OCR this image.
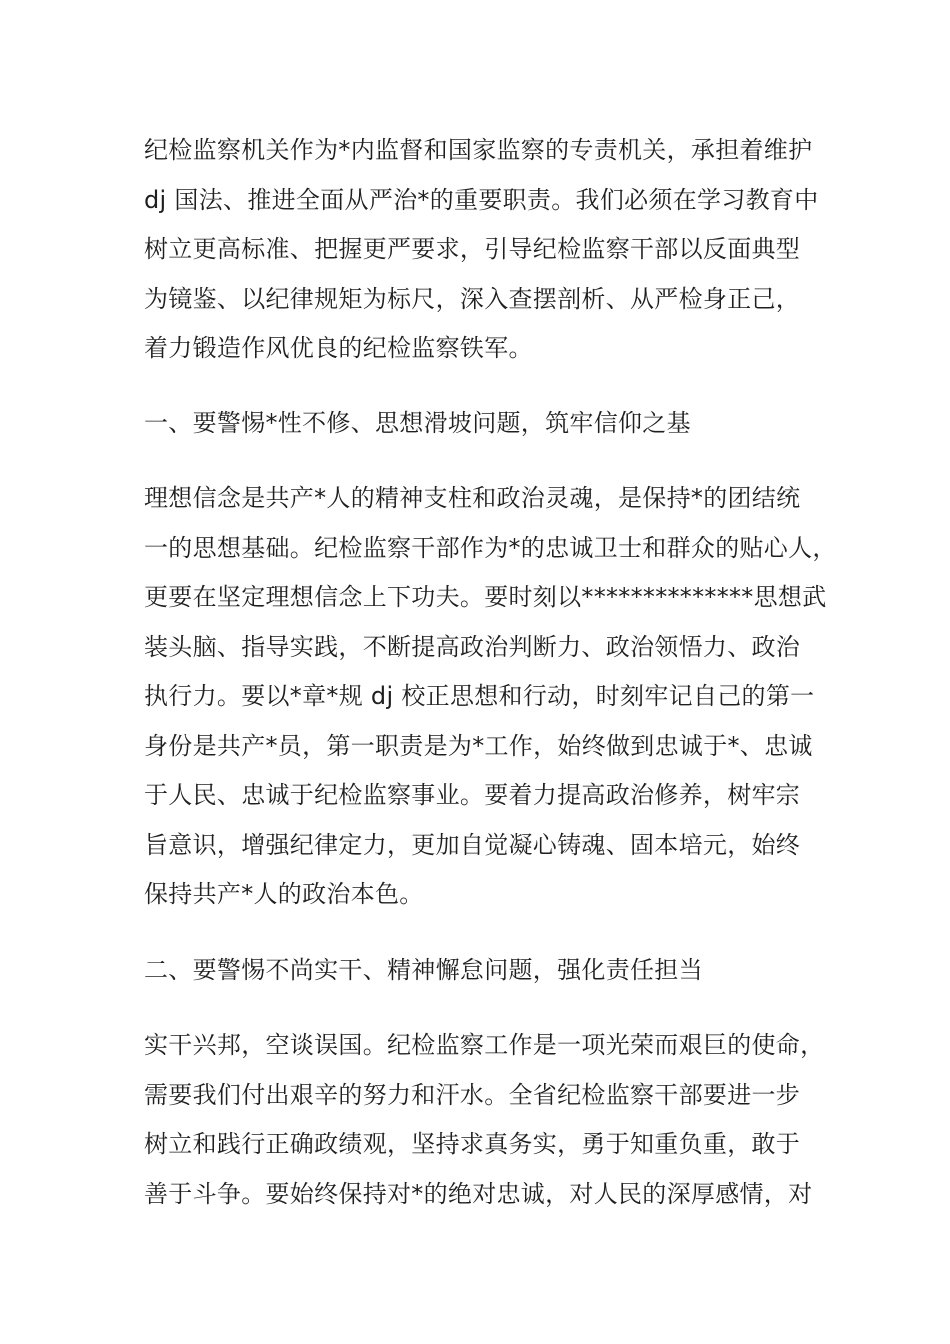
纪检监察机关作为*内监督和国家监察的专责机关，承担着维护
dj 国法、推进全面从严治*的重要职责。我们必须在学习教育中
树立更高标准、把握更严要求，引导纪检监察干部以反面典型
为镜鉴、以纪律规矩为标尺，深入查摆剖析、从严检身正己，
着力锻造作风优良的纪检监察铁军。
一、要警惕*性不修、思想滑坡问题，筑牢信仰之基
理想信念是共产*人的精神支柱和政治灵魂，是保持*的团结统
一的思想基础。纪检监察干部作为*的忠诚卫士和群众的贴心人，
更要在坚定理想信念上下功夫。要时刻以**************思想武
装头脑、指导实践，不断提高政治判断力、政治领悟力、政治
执行力。要以*章*规 dj 校正思想和行动，时刻牢记自己的第一
身份是共产*员，第一职责是为*工作，始终做到忠诚于*、忠诚
于人民、忠诚于纪检监察事业。要着力提高政治修养，树牢宗
旨意识，增强纪律定力，更加自觉凝心铸魂、固本培元，始终
保持共产*人的政治本色。
二、要警惕不尚实干、精神懈怠问题，强化责任担当
实干兴邦，空谈误国。纪检监察工作是一项光荣而艰巨的使命，
需要我们付出艰辛的努力和汗水。全省纪检监察干部要进一步
树立和践行正确政绩观，坚持求真务实，勇于知重负重，敢于
善于斗争。要始终保持对*的绝对忠诚，对人民的深厚感情，对
